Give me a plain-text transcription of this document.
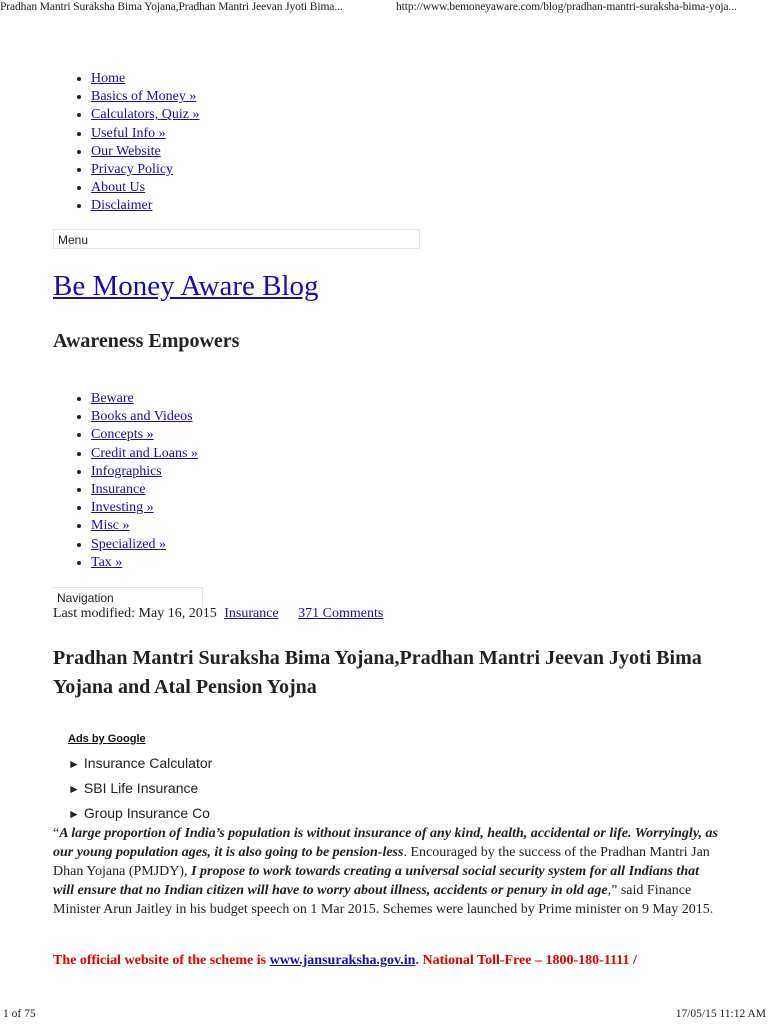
Pradhan Mantri Suraksha Bima Yojana,Pradhan Mantri Jeevan Jyoti Bima...	http://www.bemoneyaware.com/blog/pradhan-mantri-suraksha-bima-yoja...
• Home
• Basics of Money »
• Calculators, Quiz »
• Useful Info »
• Our Website
• Privacy Policy
• About Us
• Disclaimer
Menu
Be Money Aware Blog
Awareness Empowers
• Beware
• Books and Videos
• Concepts »
• Credit and Loans »
• Infographics
• Insurance
• Investing »
• Misc »
• Specialized »
• Tax »
Navigation
Last modified: May 16, 2015 Insurance 371 Comments
Pradhan Mantri Suraksha Bima Yojana,Pradhan Mantri Jeevan Jyoti Bima Yojana and Atal Pension Yojna
Ads by Google
► Insurance Calculator
► SBI Life Insurance
► Group Insurance Co
“A large proportion of India’s population is without insurance of any kind, health, accidental or life. Worryingly, as our young population ages, it is also going to be pension-less. Encouraged by the success of the Pradhan Mantri Jan Dhan Yojana (PMJDY), I propose to work towards creating a universal social security system for all Indians that will ensure that no Indian citizen will have to worry about illness, accidents or penury in old age,” said Finance Minister Arun Jaitley in his budget speech on 1 Mar 2015. Schemes were launched by Prime minister on 9 May 2015.
The official website of the scheme is www.jansuraksha.gov.in. National Toll-Free – 1800-180-1111 /
1 of 75	17/05/15 11:12 AM
